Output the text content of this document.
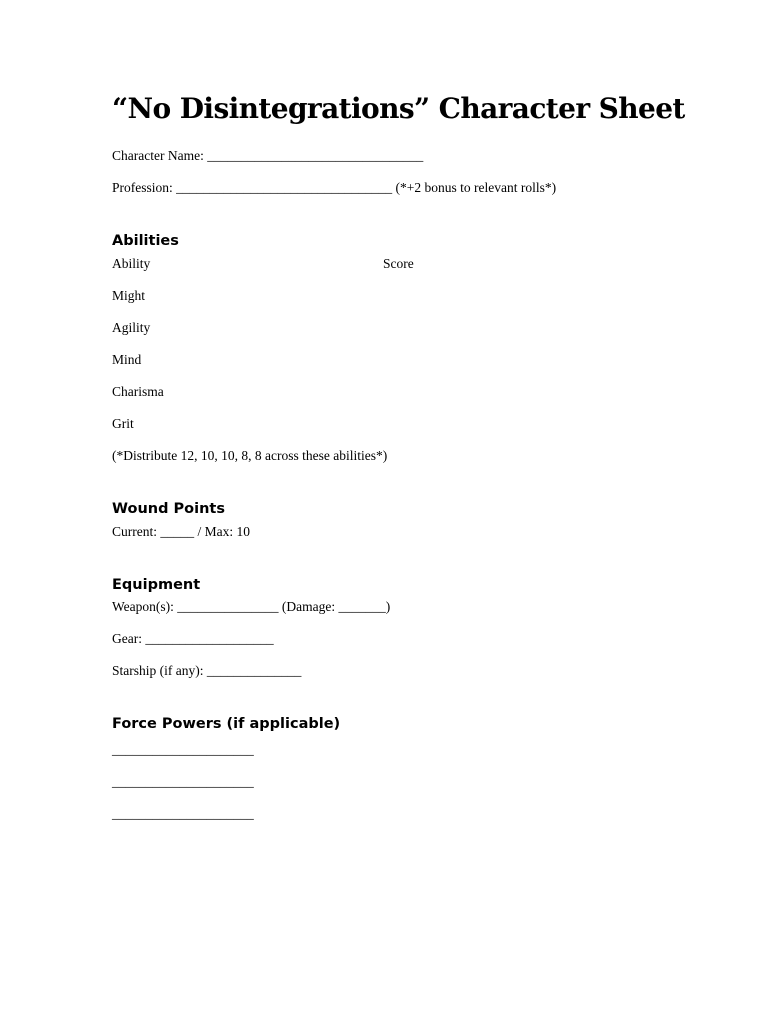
“No Disintegrations” Character Sheet
Character Name: ________________________________
Profession: ________________________________ (*+2 bonus to relevant rolls*)
Abilities
Ability	Score
Might
Agility
Mind
Charisma
Grit
(*Distribute 12, 10, 10, 8, 8 across these abilities*)
Wound Points
Current: _____ / Max: 10
Equipment
Weapon(s): _______________ (Damage: _______)
Gear: ___________________
Starship (if any): ______________
Force Powers (if applicable)
_____________________
_____________________
_____________________
